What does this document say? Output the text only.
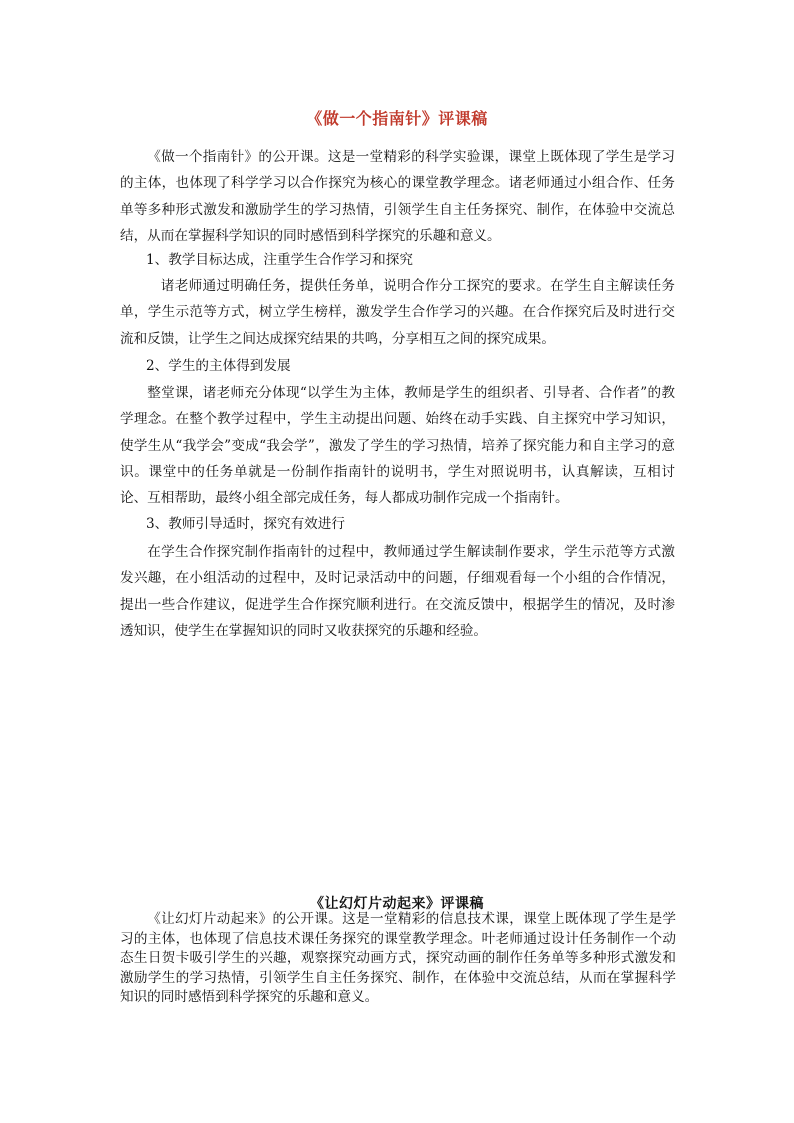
《做一个指南针》评课稿

《做一个指南针》的公开课。这是一堂精彩的科学实验课，课堂上既体现了学生是学习的主体，也体现了科学学习以合作探究为核心的课堂教学理念。诸老师通过小组合作、任务单等多种形式激发和激励学生的学习热情，引领学生自主任务探究、制作，在体验中交流总结，从而在掌握科学知识的同时感悟到科学探究的乐趣和意义。

1、教学目标达成，注重学生合作学习和探究

诸老师通过明确任务，提供任务单，说明合作分工探究的要求。在学生自主解读任务单，学生示范等方式，树立学生榜样，激发学生合作学习的兴趣。在合作探究后及时进行交流和反馈，让学生之间达成探究结果的共鸣，分享相互之间的探究成果。

2、学生的主体得到发展

整堂课，诸老师充分体现“以学生为主体，教师是学生的组织者、引导者、合作者”的教学理念。在整个教学过程中，学生主动提出问题、始终在动手实践、自主探究中学习知识，使学生从“我学会”变成“我会学”，激发了学生的学习热情，培养了探究能力和自主学习的意识。课堂中的任务单就是一份制作指南针的说明书，学生对照说明书，认真解读，互相讨论、互相帮助，最终小组全部完成任务，每人都成功制作完成一个指南针。

3、教师引导适时，探究有效进行

在学生合作探究制作指南针的过程中，教师通过学生解读制作要求，学生示范等方式激发兴趣，在小组活动的过程中，及时记录活动中的问题，仔细观看每一个小组的合作情况，提出一些合作建议，促进学生合作探究顺利进行。在交流反馈中，根据学生的情况，及时渗透知识，使学生在掌握知识的同时又收获探究的乐趣和经验。

《让幻灯片动起来》评课稿

《让幻灯片动起来》的公开课。这是一堂精彩的信息技术课，课堂上既体现了学生是学习的主体，也体现了信息技术课任务探究的课堂教学理念。叶老师通过设计任务制作一个动态生日贺卡吸引学生的兴趣，观察探究动画方式，探究动画的制作任务单等多种形式激发和激励学生的学习热情，引领学生自主任务探究、制作，在体验中交流总结，从而在掌握科学知识的同时感悟到科学探究的乐趣和意义。
